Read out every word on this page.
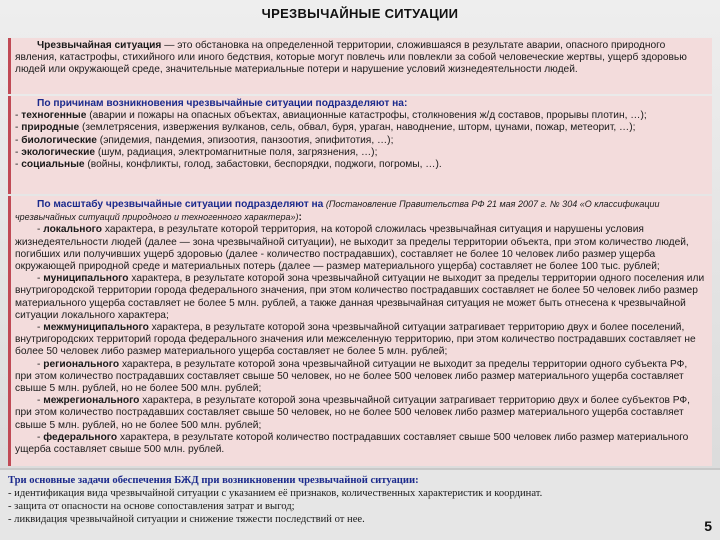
ЧРЕЗВЫЧАЙНЫЕ СИТУАЦИИ

Чрезвычайная ситуация — это обстановка на определенной территории, сложившаяся в результате аварии, опасного природного явления, катастрофы, стихийного или иного бедствия, которые могут повлечь или повлекли за собой человеческие жертвы, ущерб здоровью людей или окружающей среде, значительные материальные потери и нарушение условий жизнедеятельности людей.

По причинам возникновения чрезвычайные ситуации подразделяют на:

- техногенные (аварии и пожары на опасных объектах, авиационные катастрофы, столкновения ж/д составов, прорывы плотин, …);

- природные (землетрясения, извержения вулканов, сель, обвал, буря, ураган, наводнение, шторм, цунами, пожар, метеорит, …);

- биологические (эпидемия, пандемия, эпизоотия, панзоотия, эпифитотия, …);

- экологические (шум, радиация, электромагнитные поля, загрязнения, …);

- социальные (войны, конфликты, голод, забастовки, беспорядки, поджоги, погромы, …).

По масштабу чрезвычайные ситуации подразделяют на (Постановление Правительства РФ 21 мая 2007 г. № 304 «О классификации чрезвычайных ситуаций природного и техногенного характера»):

- локального характера, в результате которой территория, на которой сложилась чрезвычайная ситуация и нарушены условия жизнедеятельности людей (далее — зона чрезвычайной ситуации), не выходит за пределы территории объекта, при этом количество людей, погибших или получивших ущерб здоровью (далее - количество пострадавших), составляет не более 10 человек либо размер ущерба окружающей природной среде и материальных потерь (далее — размер материального ущерба) составляет не более 100 тыс. рублей;

- муниципального характера, в результате которой зона чрезвычайной ситуации не выходит за пределы территории одного поселения или внутригородской территории города федерального значения, при этом количество пострадавших составляет не более 50 человек либо размер материального ущерба составляет не более 5 млн. рублей, а также данная чрезвычайная ситуация не может быть отнесена к чрезвычайной ситуации локального характера;

- межмуниципального характера, в результате которой зона чрезвычайной ситуации затрагивает территорию двух и более поселений, внутригородских территорий города федерального значения или межселенную территорию, при этом количество пострадавших составляет не более 50 человек либо размер материального ущерба составляет не более 5 млн. рублей;

- регионального характера, в результате которой зона чрезвычайной ситуации не выходит за пределы территории одного субъекта РФ, при этом количество пострадавших составляет свыше 50 человек, но не более 500 человек либо размер материального ущерба составляет свыше 5 млн. рублей, но не более 500 млн. рублей;

- межрегионального характера, в результате которой зона чрезвычайной ситуации затрагивает территорию двух и более субъектов РФ, при этом количество пострадавших составляет свыше 50 человек, но не более 500 человек либо размер материального ущерба составляет свыше 5 млн. рублей, но не более 500 млн. рублей;

- федерального характера, в результате которой количество пострадавших составляет свыше 500 человек либо размер материального ущерба составляет свыше 500 млн. рублей.

Три основные задачи обеспечения БЖД при возникновении чрезвычайной ситуации:

- идентификация вида чрезвычайной ситуации с указанием её признаков, количественных характеристик и координат.

- защита от опасности на основе сопоставления затрат и выгод;

- ликвидация чрезвычайной ситуации и снижение тяжести последствий от нее.	5
